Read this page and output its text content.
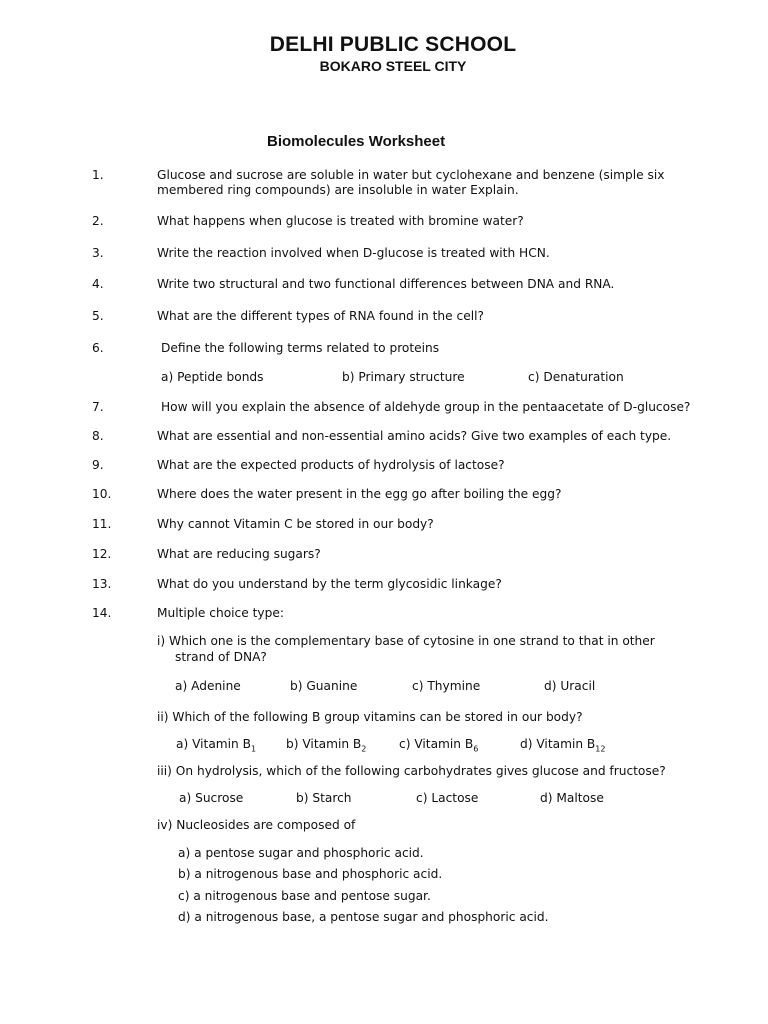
DELHI PUBLIC SCHOOL
BOKARO STEEL CITY
Biomolecules Worksheet
1.	Glucose and sucrose are soluble in water but cyclohexane and benzene (simple six
membered ring compounds) are insoluble in water Explain.
2.	What happens when glucose is treated with bromine water?
3.	Write the reaction involved when D-glucose is treated with HCN.
4.	Write two structural and two functional differences between DNA and RNA.
5.	What are the different types of RNA found in the cell?
6.	Define the following terms related to proteins
a) Peptide bonds	b) Primary structure	c) Denaturation
7.	How will you explain the absence of aldehyde group in the pentaacetate of D-glucose?
8.	What are essential and non-essential amino acids? Give two examples of each type.
9.	What are the expected products of hydrolysis of lactose?
10.	Where does the water present in the egg go after boiling the egg?
11.	Why cannot Vitamin C be stored in our body?
12.	What are reducing sugars?
13.	What do you understand by the term glycosidic linkage?
14.	Multiple choice type:
i) Which one is the complementary base of cytosine in one strand to that in other
strand of DNA?
a) Adenine	b) Guanine	c) Thymine	d) Uracil
ii) Which of the following B group vitamins can be stored in our body?
a) Vitamin $B_1$ b) Vitamin $B_2$	c) Vitamin $B_6$	d) Vitamin $B_{12}$
iii) On hydrolysis, which of the following carbohydrates gives glucose and fructose?
a) Sucrose	b) Starch	c) Lactose	d) Maltose
iv) Nucleosides are composed of
a) a pentose sugar and phosphoric acid.
b) a nitrogenous base and phosphoric acid.
c) a nitrogenous base and pentose sugar.
d) a nitrogenous base, a pentose sugar and phosphoric acid.
